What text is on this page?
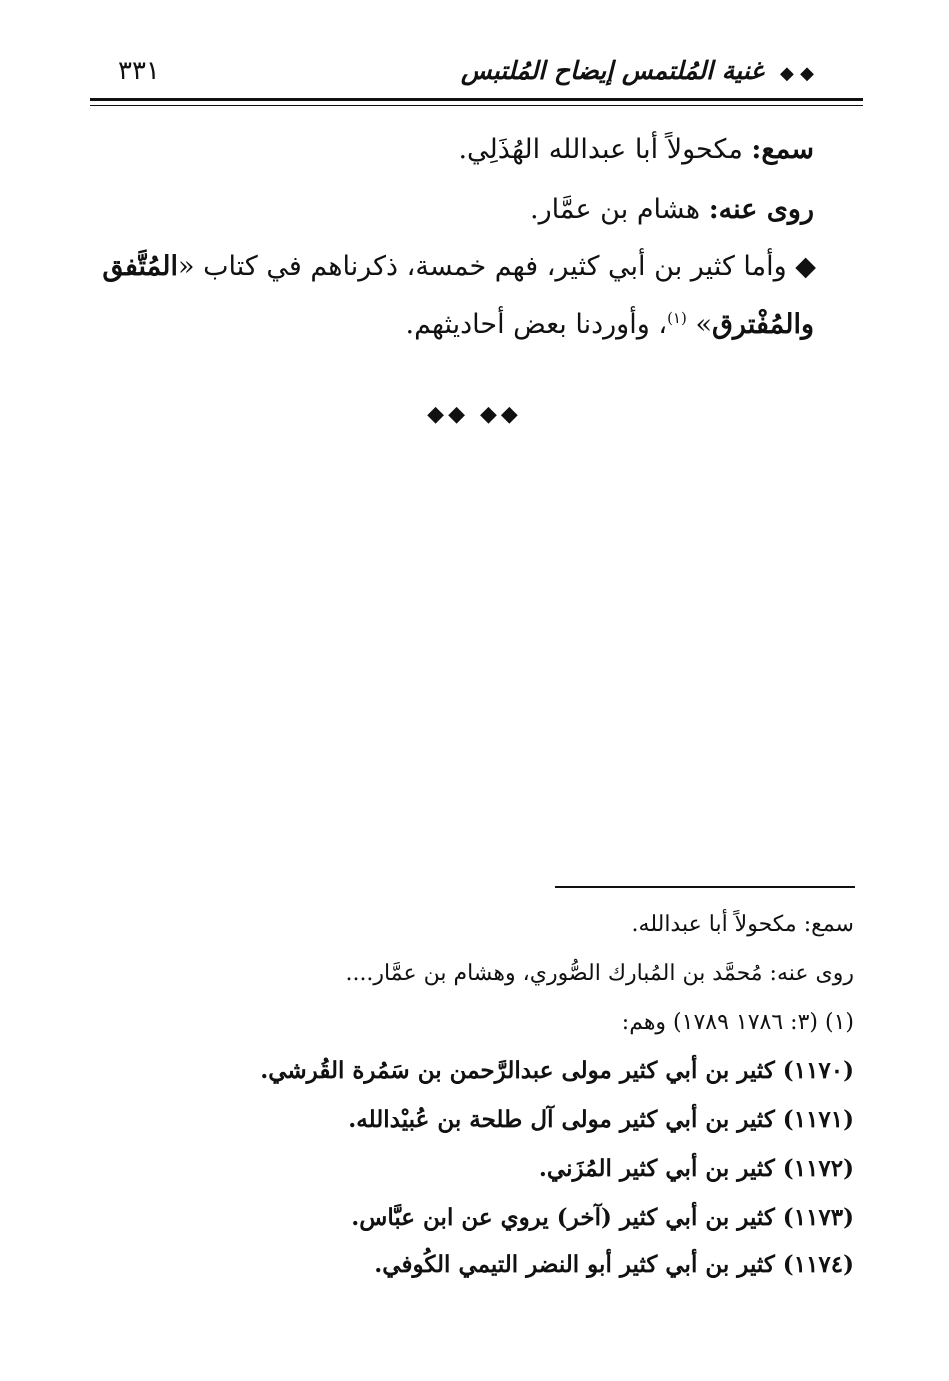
◆ ◆ غنية المُلتمس إيضاح المُلتبس
٣٣١
سمع: مكحولاً أبا عبدالله الهُذَلِي.
روى عنه: هشام بن عمَّار.
◆ وأما كثير بن أبي كثير، فهم خمسة، ذكرناهم في كتاب «المُتَّفق
والمُفْترق» $^{(١)}$، وأوردنا بعض أحاديثهم.
◆◆ ◆◆
سمع: مكحولاً أبا عبدالله.
روى عنه: مُحمَّد بن المُبارك الصُّوري، وهشام بن عمَّار....
(١) (٣: ١٧٨٦ ١٧٨٩) وهم:
(١١٧٠) كثير بن أبي كثير مولى عبدالرَّحمن بن سَمُرة القُرشي.
(١١٧١) كثير بن أبي كثير مولى آل طلحة بن عُبيْدالله.
(١١٧٢) كثير بن أبي كثير المُزَني.
(١١٧٣) كثير بن أبي كثير (آخر) يروي عن ابن عبَّاس.
(١١٧٤) كثير بن أبي كثير أبو النضر التيمي الكُوفي.
